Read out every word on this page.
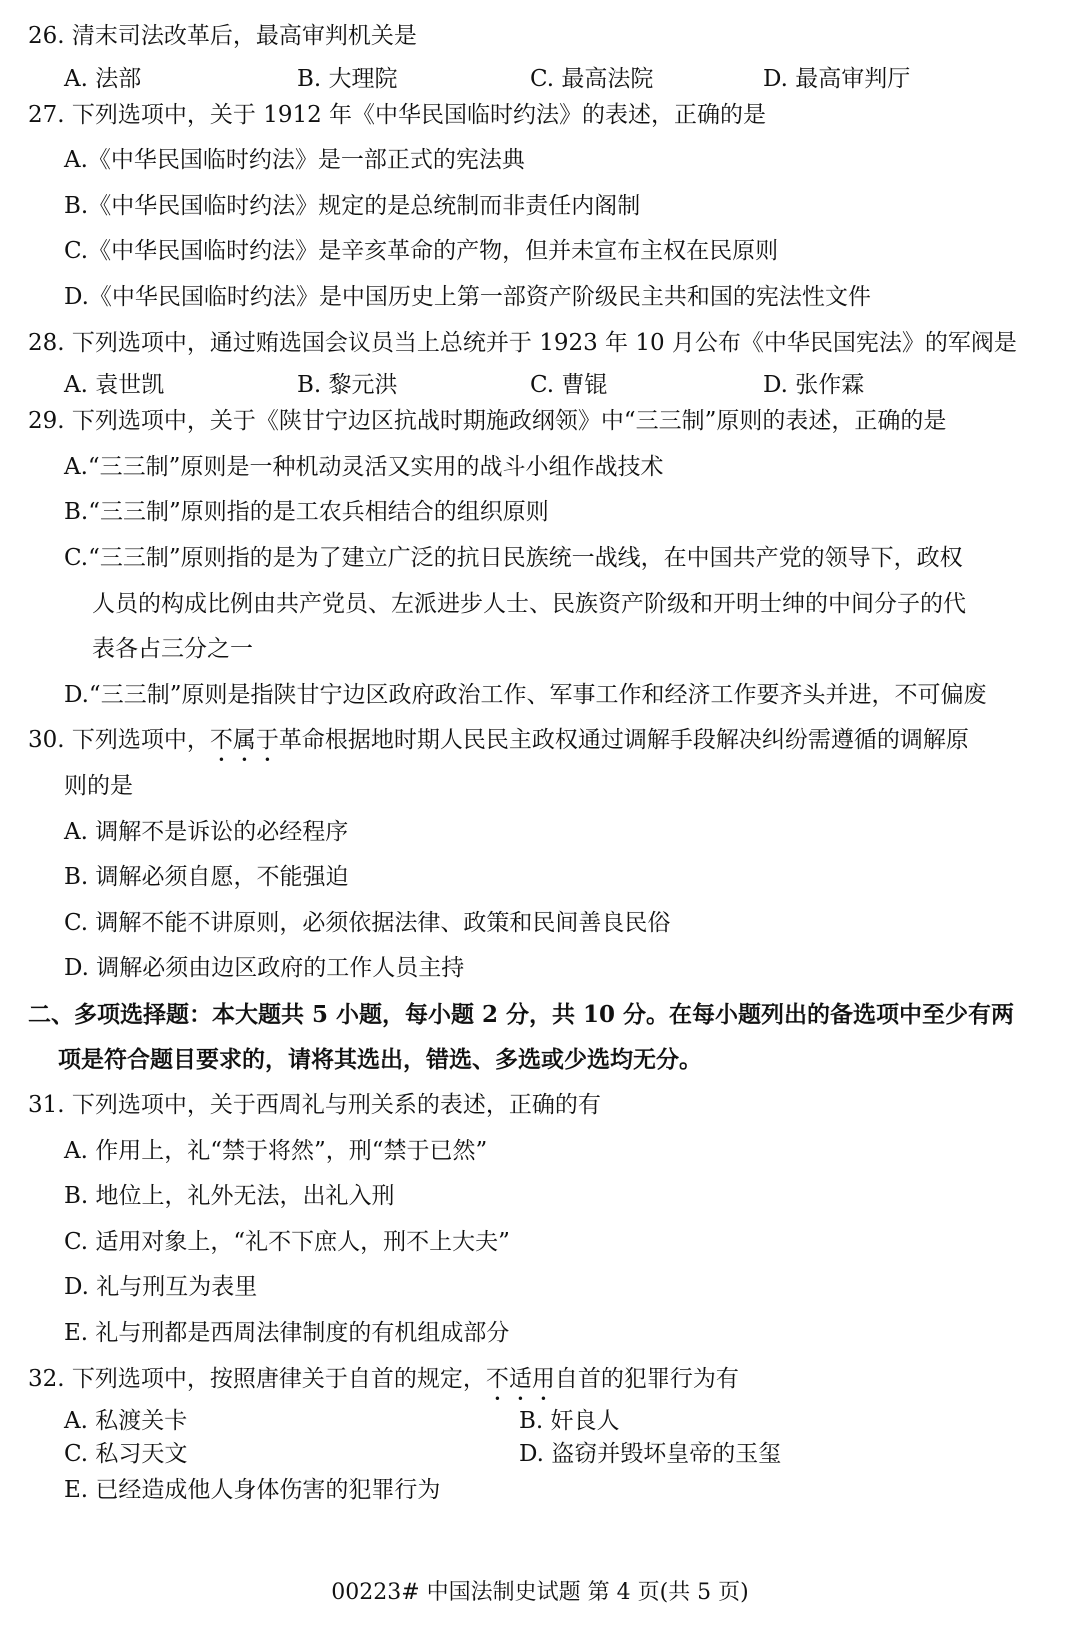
26. 清末司法改革后，最高审判机关是
A. 法部	B. 大理院	C. 最高法院	D. 最高审判厅
27. 下列选项中，关于 1912 年《中华民国临时约法》的表述，正确的是
A.《中华民国临时约法》是一部正式的宪法典
B.《中华民国临时约法》规定的是总统制而非责任内阁制
C.《中华民国临时约法》是辛亥革命的产物，但并未宣布主权在民原则
D.《中华民国临时约法》是中国历史上第一部资产阶级民主共和国的宪法性文件
28. 下列选项中，通过贿选国会议员当上总统并于 1923 年 10 月公布《中华民国宪法》的军阀是
A. 袁世凯	B. 黎元洪	C. 曹锟	D. 张作霖
29. 下列选项中，关于《陕甘宁边区抗战时期施政纲领》中“三三制”原则的表述，正确的是
A.“三三制”原则是一种机动灵活又实用的战斗小组作战技术
B.“三三制”原则指的是工农兵相结合的组织原则
C.“三三制”原则指的是为了建立广泛的抗日民族统一战线，在中国共产党的领导下，政权
人员的构成比例由共产党员、左派进步人士、民族资产阶级和开明士绅的中间分子的代
表各占三分之一
D.“三三制”原则是指陕甘宁边区政府政治工作、军事工作和经济工作要齐头并进，不可偏废
30. 下列选项中，不属于革命根据地时期人民民主政权通过调解手段解决纠纷需遵循的调解原
则的是
A. 调解不是诉讼的必经程序
B. 调解必须自愿，不能强迫
C. 调解不能不讲原则，必须依据法律、政策和民间善良民俗
D. 调解必须由边区政府的工作人员主持
二、多项选择题：本大题共 5 小题，每小题 2 分，共 10 分。在每小题列出的备选项中至少有两
项是符合题目要求的，请将其选出，错选、多选或少选均无分。
31. 下列选项中，关于西周礼与刑关系的表述，正确的有
A. 作用上，礼“禁于将然”，刑“禁于已然”
B. 地位上，礼外无法，出礼入刑
C. 适用对象上，“礼不下庶人，刑不上大夫”
D. 礼与刑互为表里
E. 礼与刑都是西周法律制度的有机组成部分
32. 下列选项中，按照唐律关于自首的规定，不适用自首的犯罪行为有
A. 私渡关卡	B. 奸良人
C. 私习天文	D. 盗窃并毁坏皇帝的玉玺
E. 已经造成他人身体伤害的犯罪行为
00223# 中国法制史试题 第 4 页(共 5 页)
